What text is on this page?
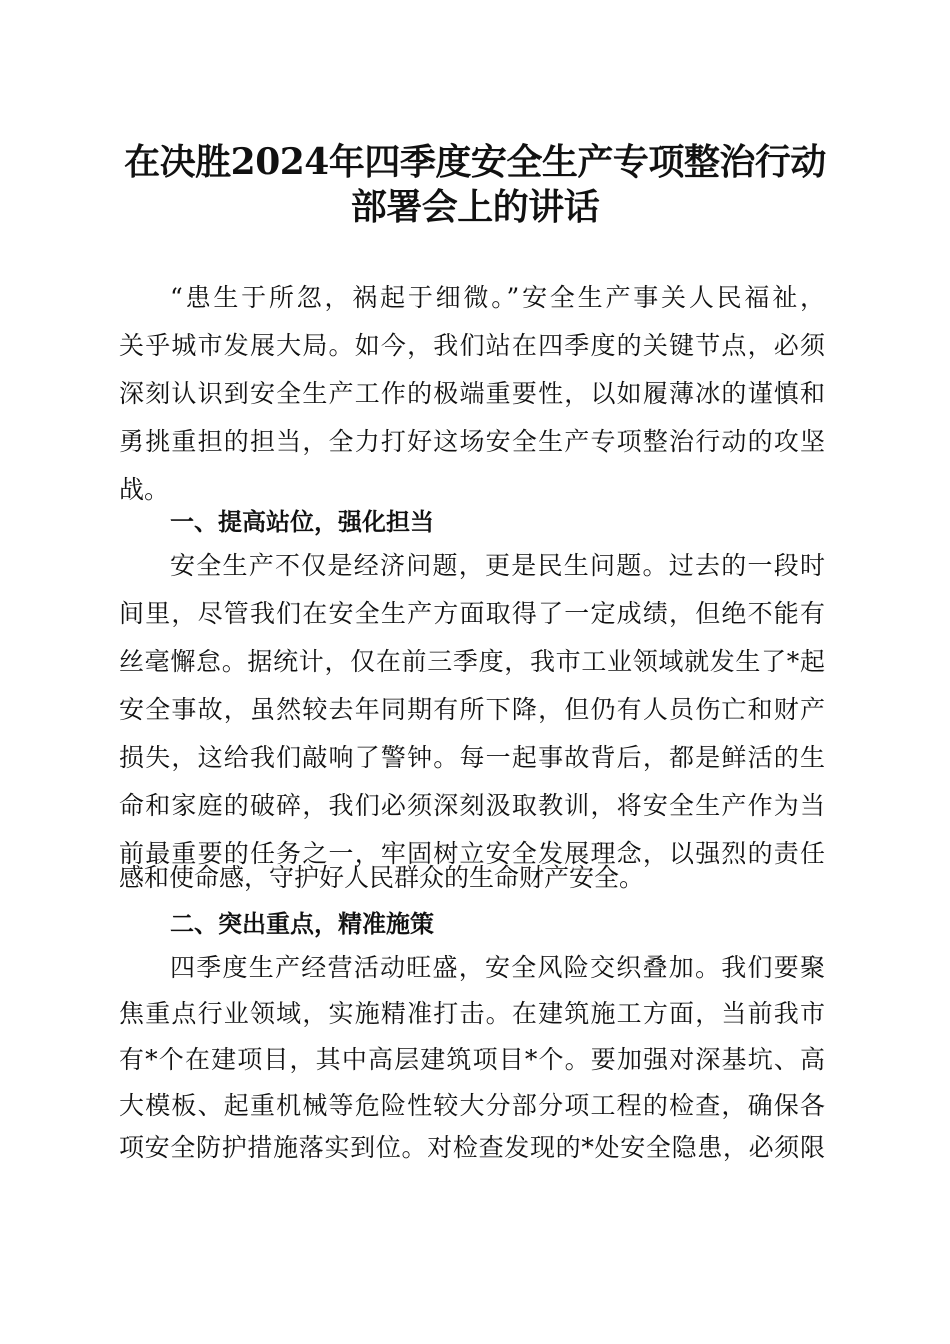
在决胜2024年四季度安全生产专项整治行动
部署会上的讲话
“患生于所忽，祸起于细微。”安全生产事关人民福祉，
关乎城市发展大局。如今，我们站在四季度的关键节点，必须
深刻认识到安全生产工作的极端重要性，以如履薄冰的谨慎和
勇挑重担的担当，全力打好这场安全生产专项整治行动的攻坚
战。
一、提高站位，强化担当
安全生产不仅是经济问题，更是民生问题。过去的一段时
间里，尽管我们在安全生产方面取得了一定成绩，但绝不能有
丝毫懈怠。据统计，仅在前三季度，我市工业领域就发生了*起
安全事故，虽然较去年同期有所下降，但仍有人员伤亡和财产
损失，这给我们敲响了警钟。每一起事故背后，都是鲜活的生
命和家庭的破碎，我们必须深刻汲取教训，将安全生产作为当
前最重要的任务之一，牢固树立安全发展理念，以强烈的责任
感和使命感，守护好人民群众的生命财产安全。
二、突出重点，精准施策
四季度生产经营活动旺盛，安全风险交织叠加。我们要聚
焦重点行业领域，实施精准打击。在建筑施工方面，当前我市
有*个在建项目，其中高层建筑项目*个。要加强对深基坑、高
大模板、起重机械等危险性较大分部分项工程的检查，确保各
项安全防护措施落实到位。对检查发现的*处安全隐患，必须限
